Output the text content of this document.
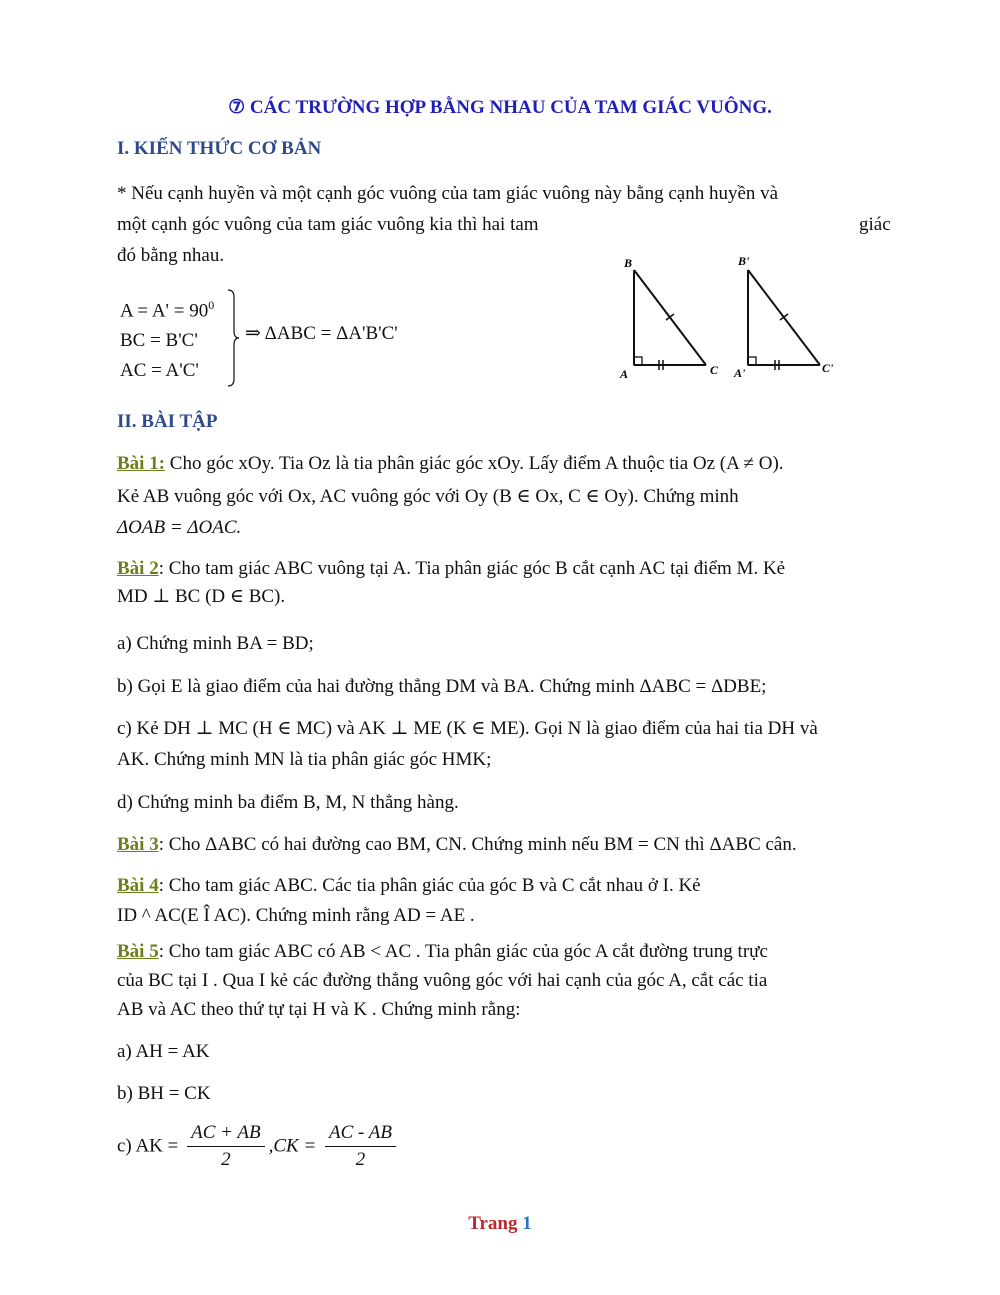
⑦ CÁC TRƯỜNG HỢP BẰNG NHAU CỦA TAM GIÁC VUÔNG.
I. KIẾN THỨC CƠ BẢN
* Nếu cạnh huyền và một cạnh góc vuông của tam giác vuông này bằng cạnh huyền và
một cạnh góc vuông của tam giác vuông kia thì hai tam	giác
đó bằng nhau.
$A = A' = 90^0$
BC = B'C'
AC = A'C'
⇒ ΔABC = ΔA'B'C'
B
A	C
B'
A'	C'
II. BÀI TẬP
Bài 1: Cho góc xOy. Tia Oz là tia phân giác góc xOy. Lấy điểm A thuộc tia Oz (A ≠ O).
Kẻ AB vuông góc với Ox, AC vuông góc với Oy (B ∈ Ox, C ∈ Oy). Chứng minh
ΔOAB = ΔOAC.
Bài 2: Cho tam giác ABC vuông tại A. Tia phân giác góc B cắt cạnh AC tại điểm M. Kẻ
MD ⊥ BC (D ∈ BC).
a) Chứng minh BA = BD;
b) Gọi E là giao điểm của hai đường thẳng DM và BA. Chứng minh ΔABC = ΔDBE;
c) Kẻ DH ⊥ MC (H ∈ MC) và AK ⊥ ME (K ∈ ME). Gọi N là giao điểm của hai tia DH và
AK. Chứng minh MN là tia phân giác góc HMK;
d) Chứng minh ba điểm B, M, N thẳng hàng.
Bài 3: Cho ΔABC có hai đường cao BM, CN. Chứng minh nếu BM = CN thì ΔABC cân.
Bài 4: Cho tam giác ABC. Các tia phân giác của góc B và C cắt nhau ở I. Kẻ
ID ^ AC(E Î AC). Chứng minh rằng AD = AE .
Bài 5: Cho tam giác ABC có AB < AC . Tia phân giác của góc A cắt đường trung trực
của BC tại I . Qua I kẻ các đường thẳng vuông góc với hai cạnh của góc A, cắt các tia
AB và AC theo thứ tự tại H và K . Chứng minh rằng:
a) AH = AK
b) BH = CK
c) AK = $\frac{AC + AB}{2} ,CK = \frac{AC - AB}{2}$
Trang 1
